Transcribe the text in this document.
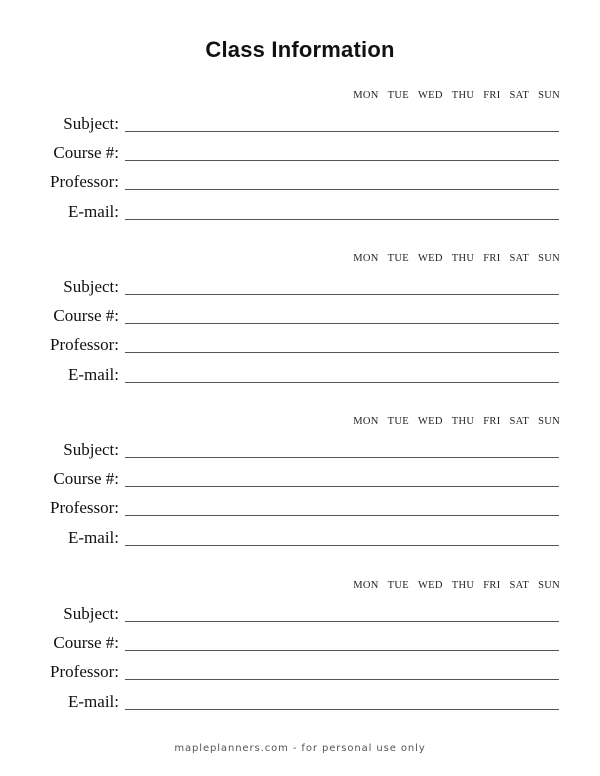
Class Information
MON TUE WED THU FRI SAT SUN
Subject:
Course #:
Professor:
E-mail:
MON TUE WED THU FRI SAT SUN
Subject:
Course #:
Professor:
E-mail:
MON TUE WED THU FRI SAT SUN
Subject:
Course #:
Professor:
E-mail:
MON TUE WED THU FRI SAT SUN
Subject:
Course #:
Professor:
E-mail:
mapleplanners.com - for personal use only
